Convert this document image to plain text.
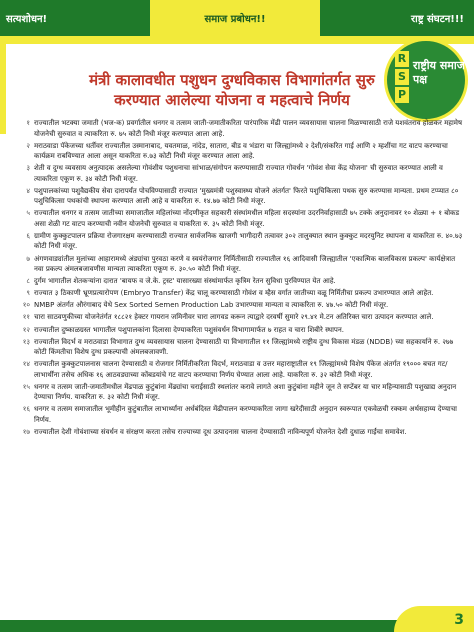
सत्यशोधन!	समाज प्रबोधन!!	राष्ट्र संघटन!!!
R
S
P
राष्ट्रीय समाज पक्ष
मंत्री कालावधीत पशुधन दुग्धविकास विभागांतर्गत सुरु करण्यात आलेल्या योजना व महत्वाचे निर्णय
१ राज्यातील भटक्या जमाती (भज-क) प्रवर्गातील धनगर व तत्सम जाती-जमातीकरिता पारंपारिक मेंढी पालन व्यवसायास चालना मिळण्यासाठी राजे यशवंतराव होळकर महामेष योजनेची सुरुवात व त्याकरिता रु. ७५ कोटी निधी मंजूर करण्यात आला आहे.
२ मराठवाडा पॅकेजच्या धर्तीवर राज्यातील उस्मानाबाद, यवतमाळ, नांदेड, सातारा, बीड व भंडारा या जिल्ह्यांमध्ये २ देशी/संकरित गाई आणि २ म्हशींचा गट वाटप करण्याचा कार्यक्रम राबविण्यात आला असून याकरिता रु.७३ कोटी निधी मंजूर करण्यात आला आहे.
३ शेती व दुग्ध व्यवसाय अनुत्पादक असलेल्या गोवंशीय पशुधनाचा सांभाळ/संगोपन करण्यासाठी राज्यात गोवर्धन 'गोवंश सेवा केंद्र योजना' ची सुरुवात करण्यात आली व त्याकरिता एकूण रु. ३४ कोटी निधी मंजूर.
४ पशुपालकांच्या पशुवैद्यकीय सेवा दारापर्यंत पोचविण्यासाठी राज्यात 'मुख्यमंत्री पशुस्वास्थ्य योजने अंतर्गत' फिरते पशुचिकित्सा पथक सुरु करण्यास मान्यता. प्रथम टप्प्यात ८० पशुचिकित्सा पथकांची स्थापना करण्यात आली आहे व याकरिता रु. १४.७७ कोटी निधी मंजूर.
५ राज्यातील धनगर व तत्सम जातीच्या समाजातील महिलांच्या नोंदणीकृत सहकारी संस्थांमधील महिला सदस्यांना उदरनिर्वाहासाठी ७५ टक्के अनुदानावर १० शेळ्या + १ बोकड असा शेळी गट वाटप करण्याची नवीन योजनेची सुरुवात व याकरिता रु. ३५ कोटी निधी मंजूर.
६ ग्रामीण कुक्कुटपालन प्रक्रिया रोजगारक्षम करण्यासाठी राज्यात सार्वजनिक खाजगी भागीदारी तत्वावर ३०२ तालुक्यात स्थान कुक्कुट मदरयुनिट स्थापना व याकरिता रु. ४०.७३ कोटी निधी मंजूर.
७ अंगणवाड्यांतील मुलांच्या आहारामध्ये अंड्यांचा पुरवठा करणे व स्वयंरोजगार निर्मितीसाठी राज्यातील १६ आदिवासी जिल्ह्यातील 'एकात्मिक बालविकास प्रकल्प' कार्यक्षेत्रात नवा प्रकल्प अंमलबजावणीस मान्यता त्याकरिता एकूण रु. ३०.५० कोटी निधी मंजूर.
८ दुर्गम भागातील शेतकऱ्यांना दारात 'बायफ व जे.के. ट्रस्ट' यासारख्या संस्थांमार्फत कृत्रिम रेतन सुविधा पुरविण्यात येत आहे.
९ राज्यात ३ ठिकाणी भ्रूणप्रत्यारोपण (Embryo Transfer) केंद्र चालू करण्यासाठी गोवंश व म्हैस वर्गात जातीच्या वळू निर्मितीचा प्रकल्प उभारण्यात आले आहेत.
१० NMBP अंतर्गत औरंगाबाद येथे Sex Sorted Semen Production Lab उभारण्यास मान्यता व त्याकरिता रु. ४७.५० कोटी निधी मंजूर.
११ चारा साठवणुकीच्या योजनेतंर्गत १८८२१ हेक्टर गायरान जमिनीवर चारा लागवड करून त्याद्वारे दरवर्षी सुमारे २९.४१ मे.टन अतिरिक्त चारा उत्पादन करण्यात आले.
१२ राज्यातील दुष्काळग्रस्त भागातील पशुपालकांना दिलासा देण्याकरिता पशुसंवर्धन विभागामार्फत ७ राहत व चारा शिबीरे स्थापन.
१३ राज्यातील विदर्भ व मराठवाडा विभागात दुग्ध व्यवसायास चालना देण्यासाठी या विभागातील ११ जिल्ह्यांमध्ये राष्ट्रीय दुग्ध विकास मंडळ (NDDB) च्या सहकार्याने रु. २७७ कोटी किंमतीचा विशेष दुग्ध प्रकल्पाची अंमलबजावणी.
१४ राज्यातील कुक्कुटपालनास चालना देण्यासाठी व रोजगार निर्मितीकरिता विदर्भ, मराठवाडा व उत्तर महाराष्ट्रातील १९ जिल्ह्यांमध्ये विशेष पॅकेज अंतर्गत १९००० बचत गट/लाभार्थींना तसेच अधिक १६ आठवड्याच्या कोंबडयांचे गट वाटप करण्याचा निर्णय घेण्यात आला आहे. याकरिता रु. ३२ कोटी निधी मंजूर.
१५ धनगर व तत्सम जाती-जमातीमधील मेंढपाळ कुटुंबांना मेंढ्यांचा चराईसाठी स्थलांतर करावे लागते अशा कुटुंबांना महीने जून ते सप्टेंबर या चार महिन्यासाठी पशुखाद्य अनुदान देण्याचा निर्णय. याकरिता रु. ३२ कोटी निधी मंजूर.
१६ धनगर व तत्सम समाजातील भूमीहीन कुटुंबातील लाभार्थ्यांना अर्धबंदिस्त मेंढीपालन करण्याकरिता जागा खरेदीसाठी अनुदान स्वरूपात एकवेळची रक्कम अर्थसहाय्य देण्याचा निर्णय.
१७ राज्यातील देशी गोवंशाच्या संवर्धन व संरक्षण करता तसेच राज्याच्या दूध उत्पादनास चालना देण्यासाठी नाविन्यपूर्ण योजनेत देशी दुधाळ गाईंचा समावेश.
3
